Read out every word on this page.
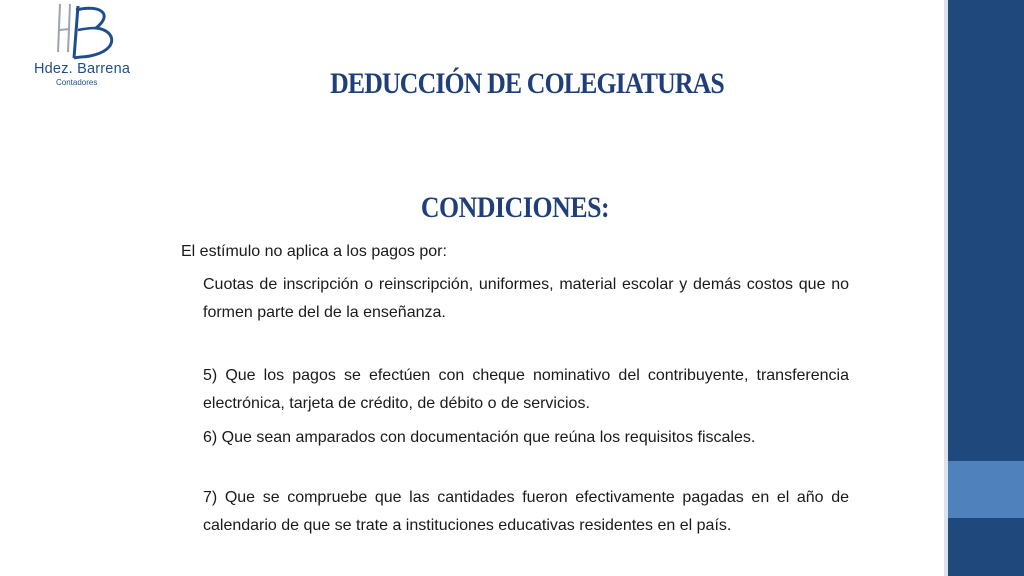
Hdez. Barrena
Contadores	DEDUCCIÓN DE COLEGIATURAS
CONDICIONES:

El estímulo no aplica a los pagos por:

Cuotas de inscripción o reinscripción, uniformes, material escolar y demás costos que no formen parte del de la enseñanza.

5) Que los pagos se efectúen con cheque nominativo del contribuyente, transferencia electrónica, tarjeta de crédito, de débito o de servicios.

6) Que sean amparados con documentación que reúna los requisitos fiscales.

7) Que se compruebe que las cantidades fueron efectivamente pagadas en el año de calendario de que se trate a instituciones educativas residentes en el país.
